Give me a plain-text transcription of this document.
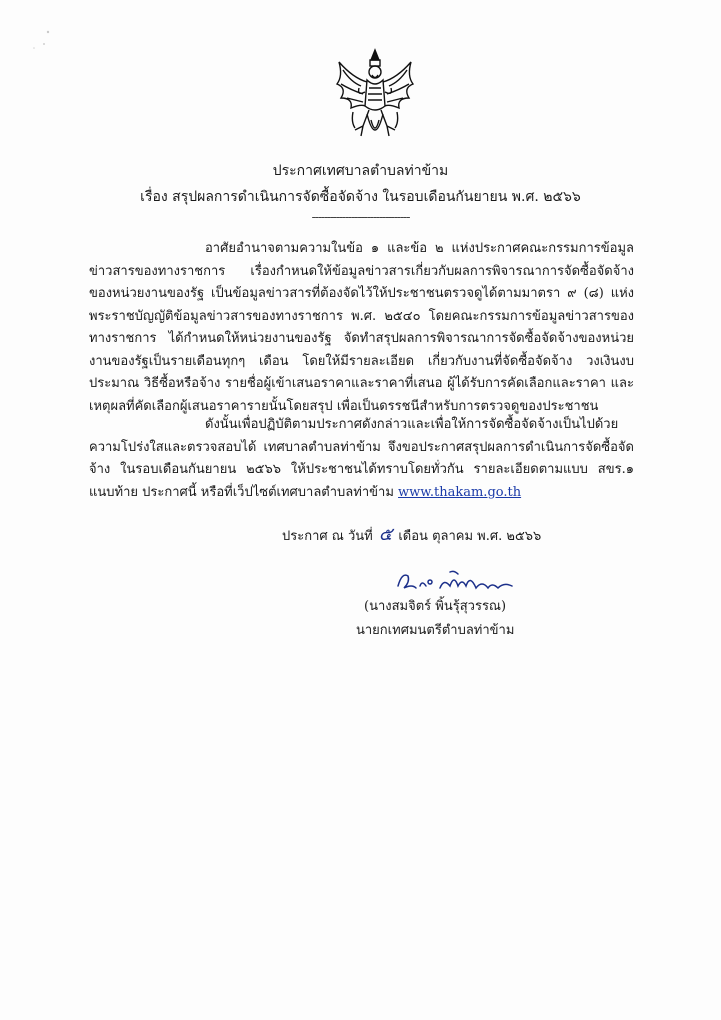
ประกาศเทศบาลตำบลท่าข้าม
เรื่อง สรุปผลการดำเนินการจัดซื้อจัดจ้าง ในรอบเดือนกันยายน พ.ศ. ๒๕๖๖
--------------------------------
อาศัยอำนาจตามความในข้อ ๑ และข้อ ๒ แห่งประกาศคณะกรรมการข้อมูลข่าวสารของทางราชการ เรื่องกำหนดให้ข้อมูลข่าวสารเกี่ยวกับผลการพิจารณาการจัดซื้อจัดจ้างของหน่วยงานของรัฐ เป็นข้อมูลข่าวสารที่ต้องจัดไว้ให้ประชาชนตรวจดูได้ตามมาตรา ๙ (๘) แห่งพระราชบัญญัติข้อมูลข่าวสารของทางราชการ พ.ศ. ๒๕๔๐ โดยคณะกรรมการข้อมูลข่าวสารของทางราชการ ได้กำหนดให้หน่วยงานของรัฐ จัดทำสรุปผลการพิจารณาการจัดซื้อจัดจ้างของหน่วยงานของรัฐเป็นรายเดือนทุกๆ เดือน โดยให้มีรายละเอียด เกี่ยวกับงานที่จัดซื้อจัดจ้าง วงเงินงบประมาณ วิธีซื้อหรือจ้าง รายชื่อผู้เข้าเสนอราคาและราคาที่เสนอ ผู้ได้รับการคัดเลือกและราคา และเหตุผลที่คัดเลือกผู้เสนอราคารายนั้นโดยสรุป เพื่อเป็นดรรชนีสำหรับการตรวจดูของประชาชน
ดังนั้นเพื่อปฏิบัติตามประกาศดังกล่าวและเพื่อให้การจัดซื้อจัดจ้างเป็นไปด้วยความโปร่งใสและตรวจสอบได้ เทศบาลตำบลท่าข้าม จึงขอประกาศสรุปผลการดำเนินการจัดซื้อจัดจ้าง ในรอบเดือนกันยายน ๒๕๖๖ ให้ประชาชนได้ทราบโดยทั่วกัน รายละเอียดตามแบบ สขร.๑ แนบท้าย ประกาศนี้ หรือที่เว็ปไซต์เทศบาลตำบลท่าข้าม www.thakam.go.th
ประกาศ ณ วันที่ ๕ เดือน ตุลาคม พ.ศ. ๒๕๖๖
(นางสมจิตร์ พิ้นรุ้สุวรรณ)
นายกเทศมนตรีตำบลท่าข้าม
